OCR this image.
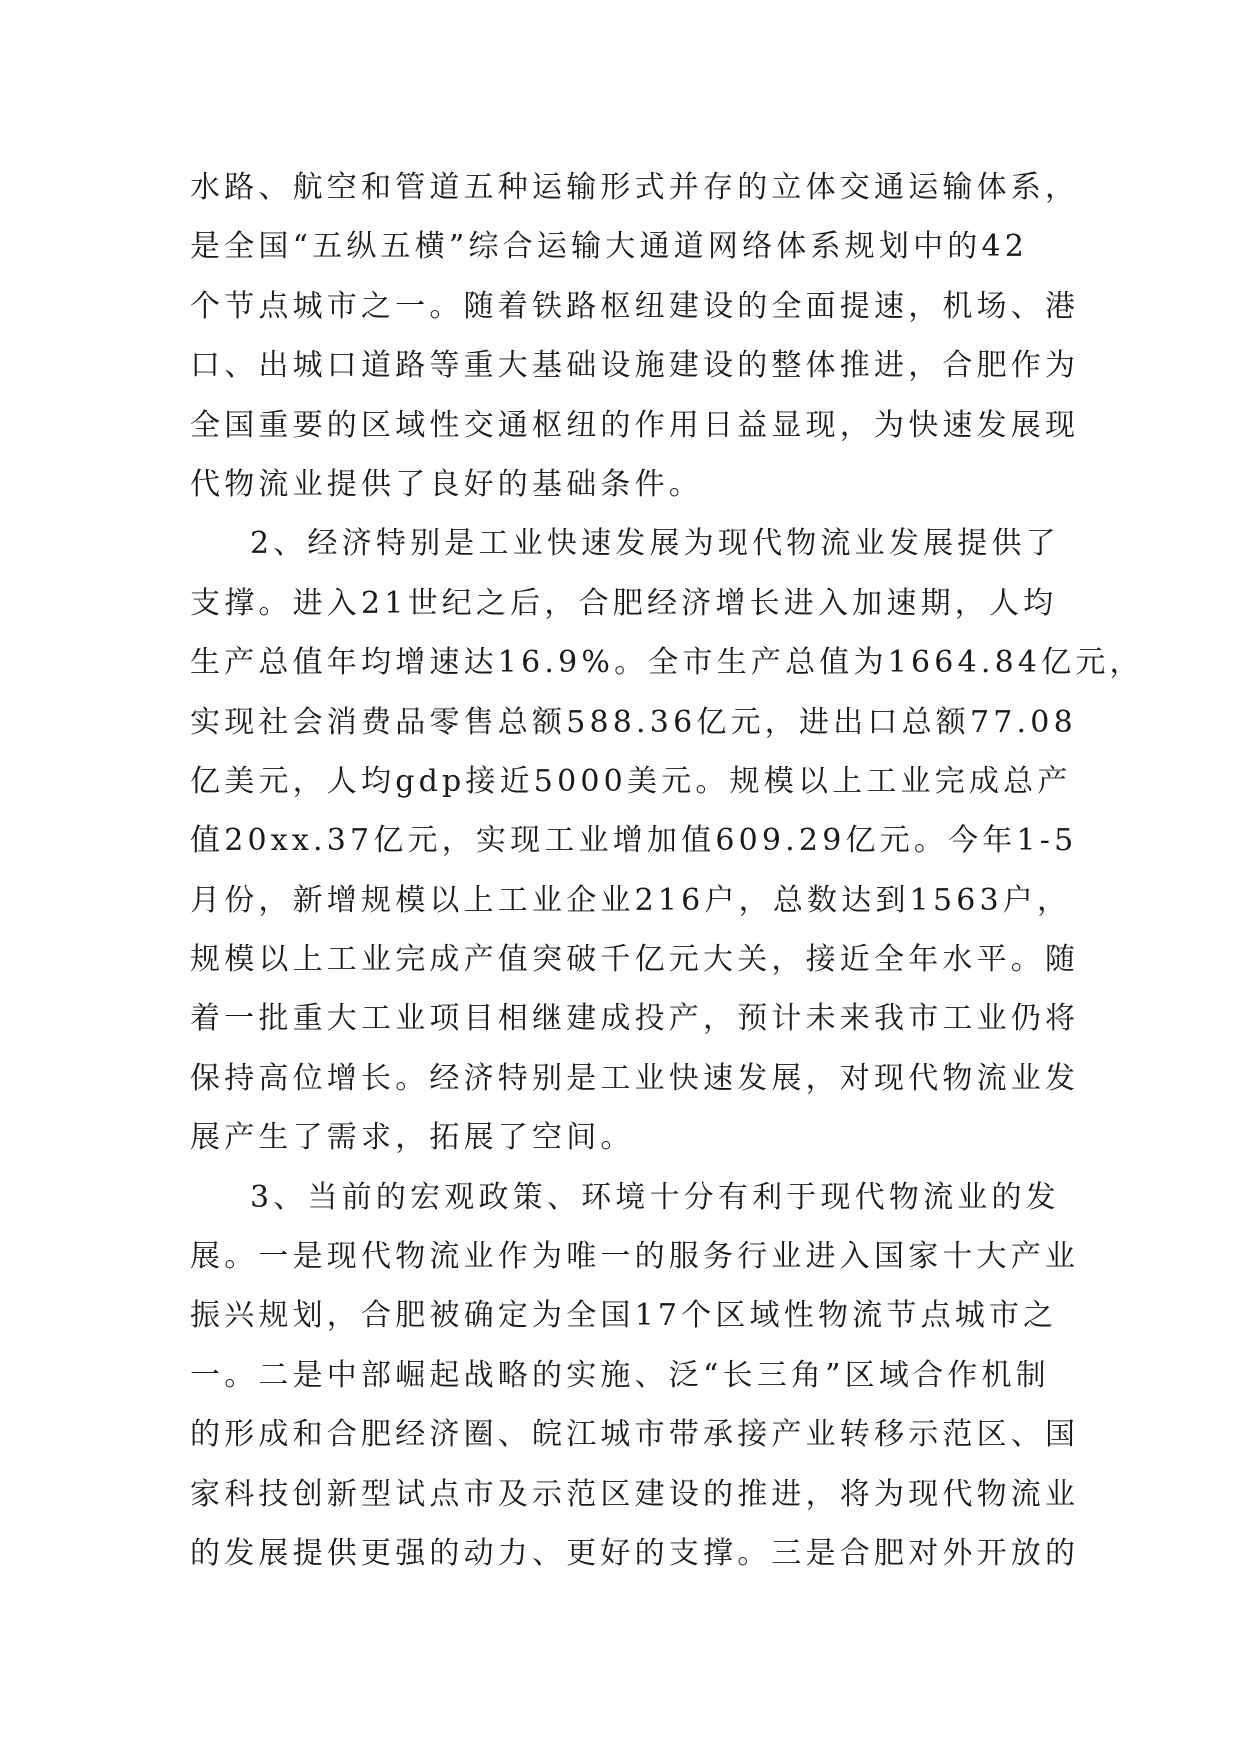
水路、航空和管道五种运输形式并存的立体交通运输体系，

是全国“五纵五横”综合运输大通道网络体系规划中的42

个节点城市之一。随着铁路枢纽建设的全面提速，机场、港

口、出城口道路等重大基础设施建设的整体推进，合肥作为

全国重要的区域性交通枢纽的作用日益显现，为快速发展现

代物流业提供了良好的基础条件。

2、经济特别是工业快速发展为现代物流业发展提供了

支撑。进入21世纪之后，合肥经济增长进入加速期，人均

生产总值年均增速达16.9%。全市生产总值为1664.84亿元，

实现社会消费品零售总额588.36亿元，进出口总额77.08

亿美元，人均gdp接近5000美元。规模以上工业完成总产

值20xx.37亿元，实现工业增加值609.29亿元。今年1-5

月份，新增规模以上工业企业216户，总数达到1563户，

规模以上工业完成产值突破千亿元大关，接近全年水平。随

着一批重大工业项目相继建成投产，预计未来我市工业仍将

保持高位增长。经济特别是工业快速发展，对现代物流业发

展产生了需求，拓展了空间。

3、当前的宏观政策、环境十分有利于现代物流业的发

展。一是现代物流业作为唯一的服务行业进入国家十大产业

振兴规划，合肥被确定为全国17个区域性物流节点城市之

一。二是中部崛起战略的实施、泛“长三角”区域合作机制

的形成和合肥经济圈、皖江城市带承接产业转移示范区、国

家科技创新型试点市及示范区建设的推进，将为现代物流业

的发展提供更强的动力、更好的支撑。三是合肥对外开放的
